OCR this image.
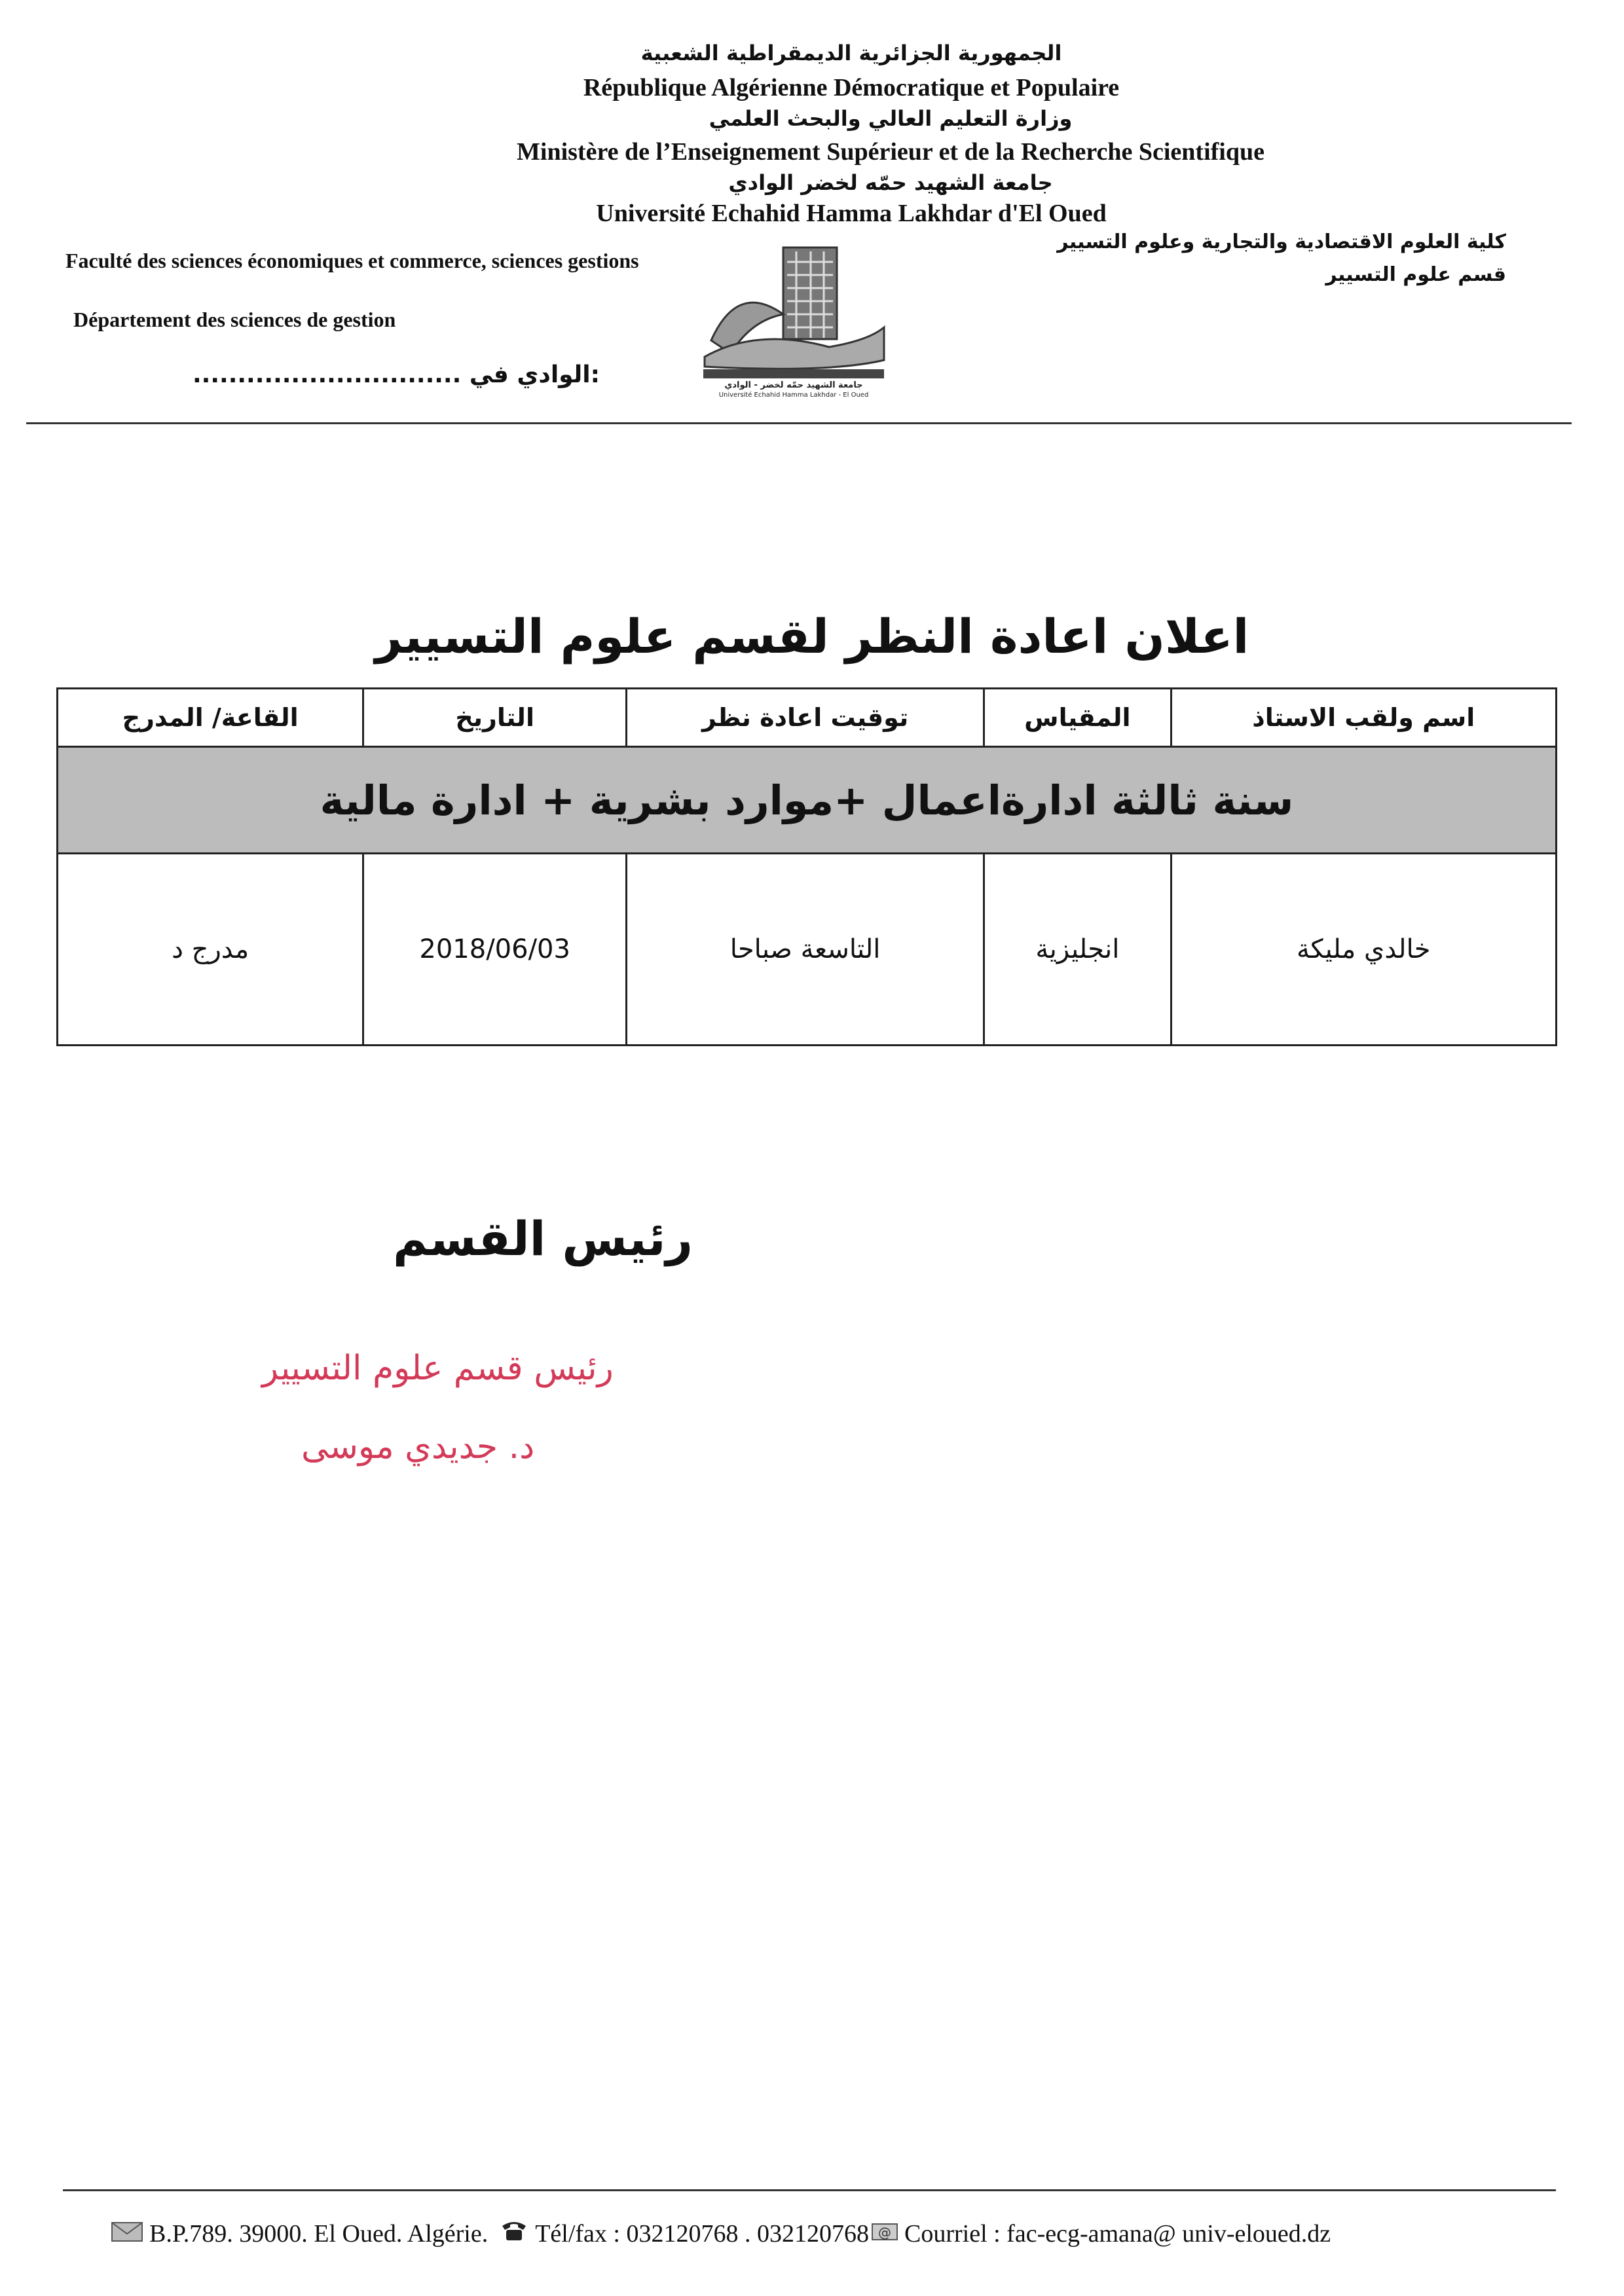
الجمهورية الجزائرية الديمقراطية الشعبية
République Algérienne Démocratique et Populaire
وزارة التعليم العالي والبحث العلمي
Ministère de l’Enseignement Supérieur et de la Recherche Scientifique
جامعة الشهيد حمّه لخضر الوادي
Université Echahid Hamma Lakhdar d'El Oued
Faculté des sciences économiques et commerce, sciences gestions
Département des sciences de gestion
كلية العلوم الاقتصادية والتجارية وعلوم التسيير
قسم علوم التسيير
جامعة الشهيد حمّه لخضر - الوادي
Université Echahid Hamma Lakhdar - El Oued
.............................. الوادي في:
اعلان اعادة النظر لقسم علوم التسيير
اسم ولقب الاستاذ	المقياس	توقيت اعادة نظر	التاريخ	القاعة/ المدرج
سنة ثالثة ادارةاعمال +موارد بشرية + ادارة مالية				
خالدي مليكة	انجليزية	التاسعة صباحا	2018/06/03	مدرج د
رئيس القسم
رئيس قسم علوم التسيير
د. جديدي موسى
B.P.789. 39000. El Oued. Algérie. Tél/fax : 032120768 . 032120768 @ Courriel : fac-ecg-amana@ univ-eloued.dz
